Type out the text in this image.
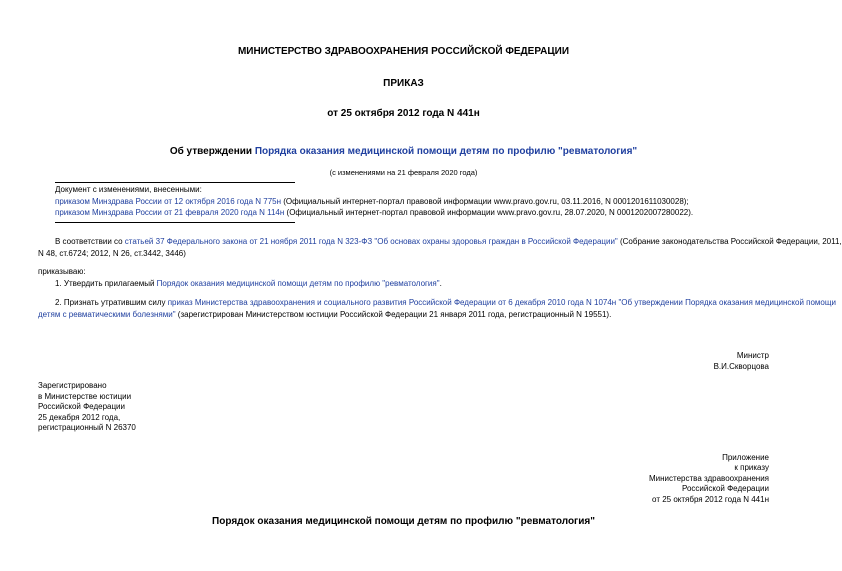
МИНИСТЕРСТВО ЗДРАВООХРАНЕНИЯ РОССИЙСКОЙ ФЕДЕРАЦИИ
ПРИКАЗ
от 25 октября 2012 года N 441н
Об утверждении Порядка оказания медицинской помощи детям по профилю "ревматология"
(с изменениями на 21 февраля 2020 года)
Документ с изменениями, внесенными:
приказом Минздрава России от 12 октября 2016 года N 775н (Официальный интернет-портал правовой информации www.pravo.gov.ru, 03.11.2016, N 0001201611030028);
приказом Минздрава России от 21 февраля 2020 года N 114н (Официальный интернет-портал правовой информации www.pravo.gov.ru, 28.07.2020, N 0001202007280022).
В соответствии со статьей 37 Федерального закона от 21 ноября 2011 года N 323-ФЗ "Об основах охраны здоровья граждан в Российской Федерации" (Собрание законодательства Российской Федерации, 2011,
N 48, ст.6724; 2012, N 26, ст.3442, 3446)
приказываю:
1. Утвердить прилагаемый Порядок оказания медицинской помощи детям по профилю "ревматология".
2. Признать утратившим силу приказ Министерства здравоохранения и социального развития Российской Федерации от 6 декабря 2010 года N 1074н "Об утверждении Порядка оказания медицинской помощи
детям с ревматическими болезнями" (зарегистрирован Министерством юстиции Российской Федерации 21 января 2011 года, регистрационный N 19551).
Министр
В.И.Скворцова
Зарегистрировано
в Министерстве юстиции
Российской Федерации
25 декабря 2012 года,
регистрационный N 26370
Приложение
к приказу
Министерства здравоохранения
Российской Федерации
от 25 октября 2012 года N 441н
Порядок оказания медицинской помощи детям по профилю "ревматология"
